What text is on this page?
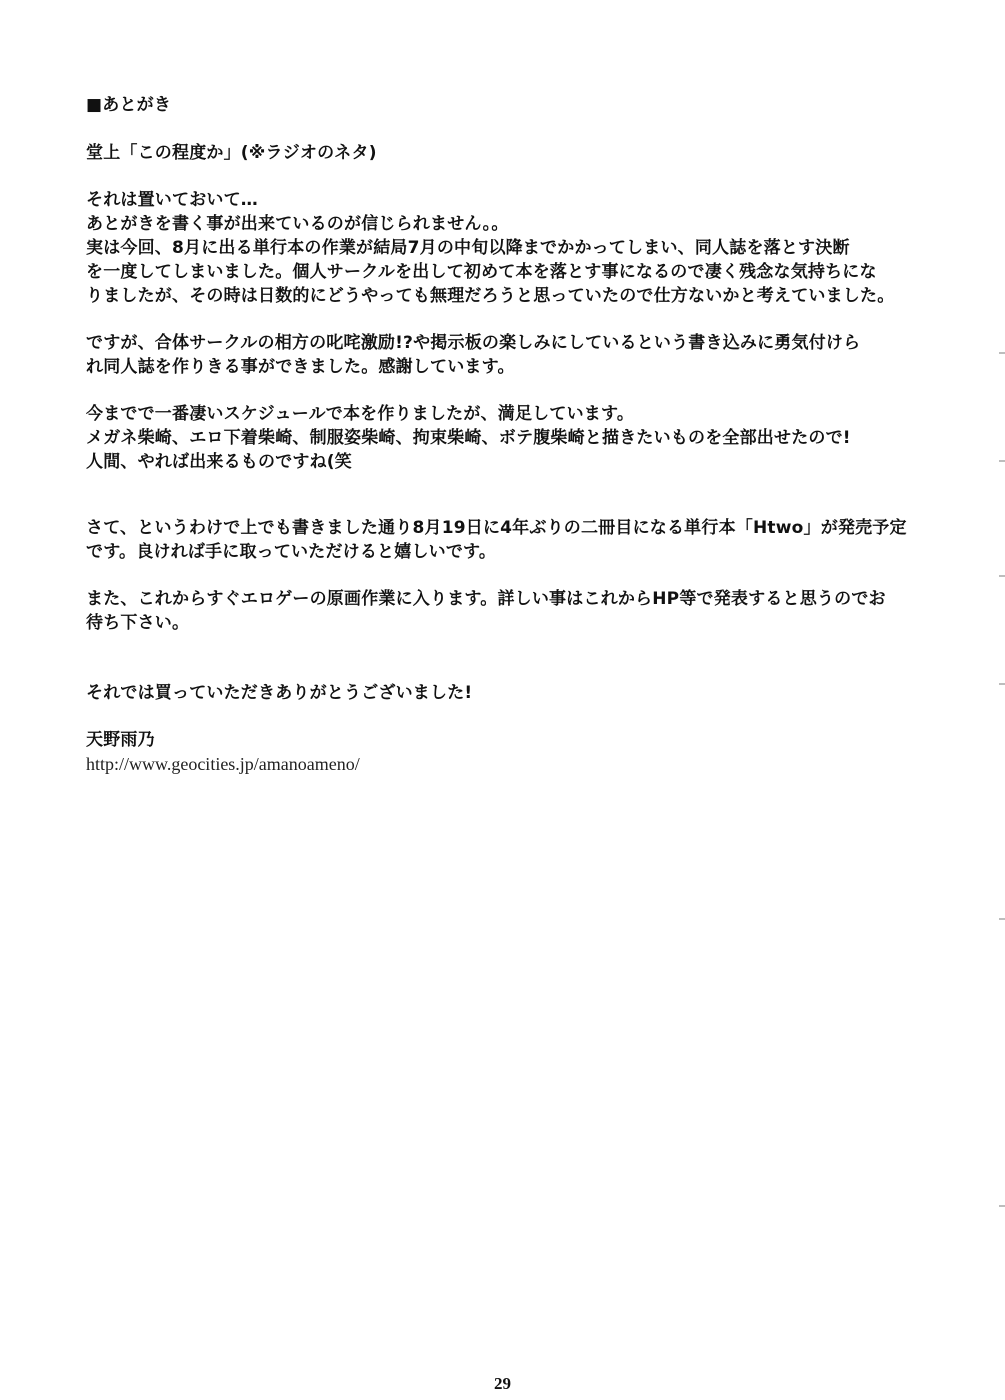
■あとがき
堂上「この程度か」(※ラジオのネタ)
それは置いておいて…
あとがきを書く事が出来ているのが信じられません。。
実は今回、8月に出る単行本の作業が結局7月の中旬以降までかかってしまい、同人誌を落とす決断
を一度してしまいました。個人サークルを出して初めて本を落とす事になるので凄く残念な気持ちにな
りましたが、その時は日数的にどうやっても無理だろうと思っていたので仕方ないかと考えていました。
ですが、合体サークルの相方の叱咤激励!?や掲示板の楽しみにしているという書き込みに勇気付けら
れ同人誌を作りきる事ができました。感謝しています。
今までで一番凄いスケジュールで本を作りましたが、満足しています。
メガネ柴崎、エロ下着柴崎、制服姿柴崎、拘束柴崎、ボテ腹柴崎と描きたいものを全部出せたので!
人間、やれば出来るものですね(笑
さて、というわけで上でも書きました通り8月19日に4年ぶりの二冊目になる単行本「Htwo」が発売予定
です。良ければ手に取っていただけると嬉しいです。
また、これからすぐエロゲーの原画作業に入ります。詳しい事はこれからHP等で発表すると思うのでお
待ち下さい。
それでは買っていただきありがとうございました!
天野雨乃
http://www.geocities.jp/amanoameno/
29
